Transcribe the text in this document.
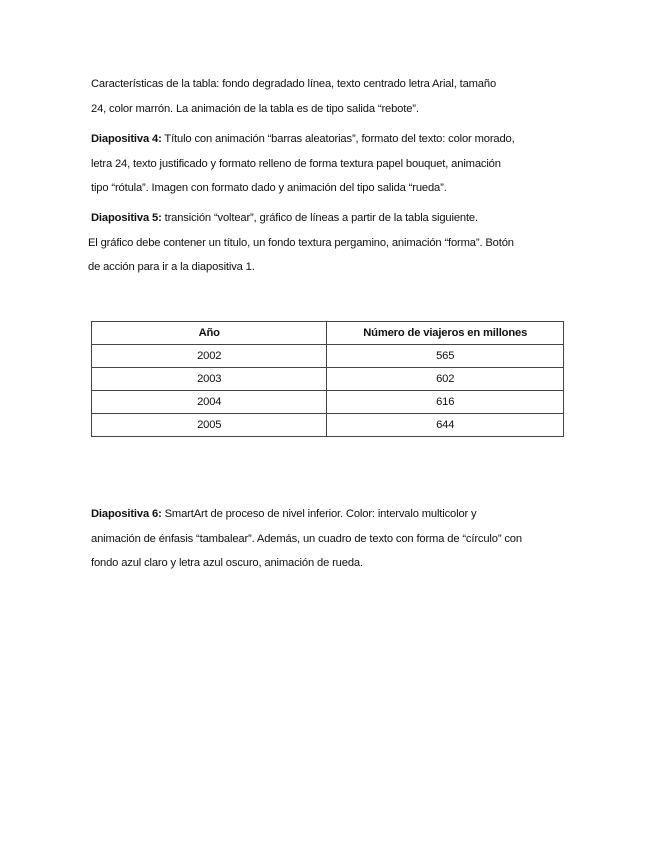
Características de la tabla: fondo degradado línea, texto centrado letra Arial, tamaño
24, color marrón. La animación de la tabla es de tipo salida “rebote”.
Diapositiva 4: Título con animación “barras aleatorias”, formato del texto: color morado,
letra 24, texto justificado y formato relleno de forma textura papel bouquet, animación
tipo “rótula”. Imagen con formato dado y animación del tipo salida “rueda”.
Diapositiva 5: transición “voltear”, gráfico de líneas a partir de la tabla siguiente.
El gráfico debe contener un título, un fondo textura pergamino, animación “forma”. Botón
de acción para ir a la diapositiva 1.
Año	Número de viajeros en millones
2002	565
2003	602
2004	616
2005	644
Diapositiva 6: SmartArt de proceso de nivel inferior. Color: intervalo multicolor y
animación de énfasis “tambalear”. Además, un cuadro de texto con forma de “círculo” con
fondo azul claro y letra azul oscuro, animación de rueda.
